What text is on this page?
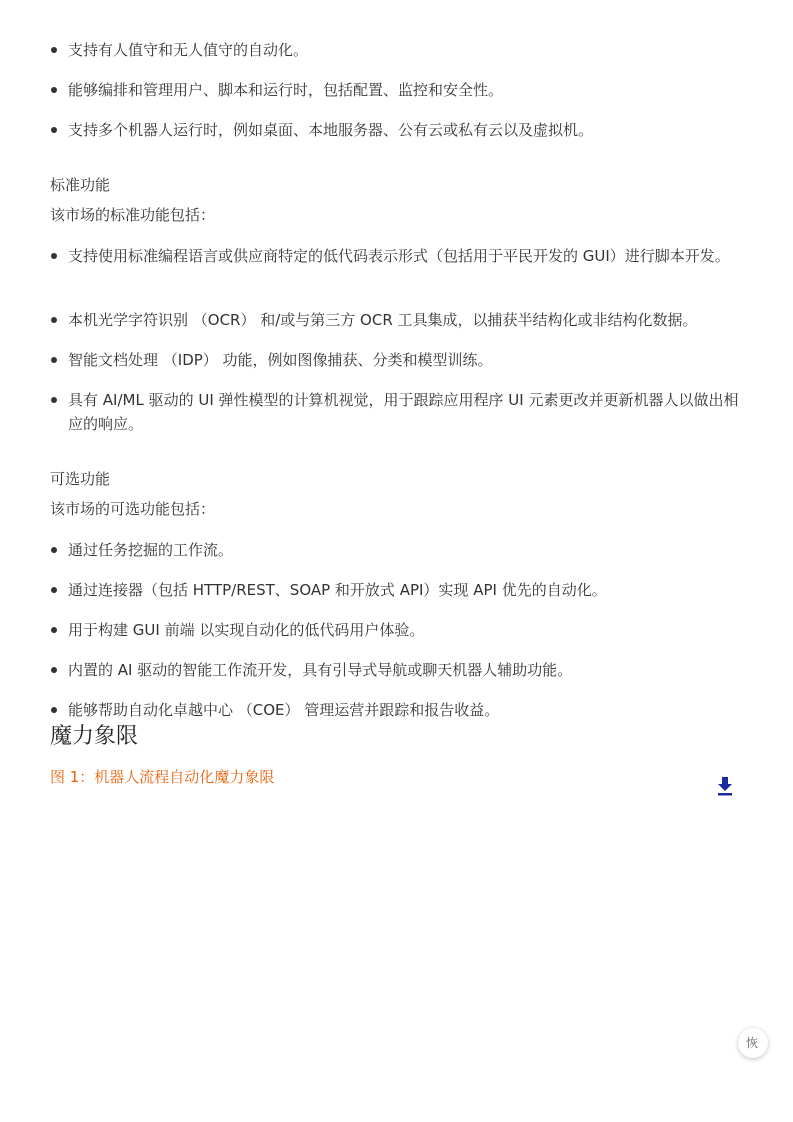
支持有人值守和无人值守的自动化。
能够编排和管理用户、脚本和运行时，包括配置、监控和安全性。
支持多个机器人运行时，例如桌面、本地服务器、公有云或私有云以及虚拟机。
标准功能
该市场的标准功能包括：
支持使用标准编程语言或供应商特定的低代码表示形式（包括用于平民开发的 GUI）进行脚本开发。
本机光学字符识别 （OCR） 和/或与第三方 OCR 工具集成，以捕获半结构化或非结构化数据。
智能文档处理 （IDP） 功能，例如图像捕获、分类和模型训练。
具有 AI/ML 驱动的 UI 弹性模型的计算机视觉，用于跟踪应用程序 UI 元素更改并更新机器人以做出相应的响应。
可选功能
该市场的可选功能包括：
通过任务挖掘的工作流。
通过连接器（包括 HTTP/REST、SOAP 和开放式 API）实现 API 优先的自动化。
用于构建 GUI 前端 以实现自动化的低代码用户体验。
内置的 AI 驱动的智能工作流开发，具有引导式导航或聊天机器人辅助功能。
能够帮助自动化卓越中心 （COE） 管理运营并跟踪和报告收益。
魔力象限
图 1：机器人流程自动化魔力象限
恢
